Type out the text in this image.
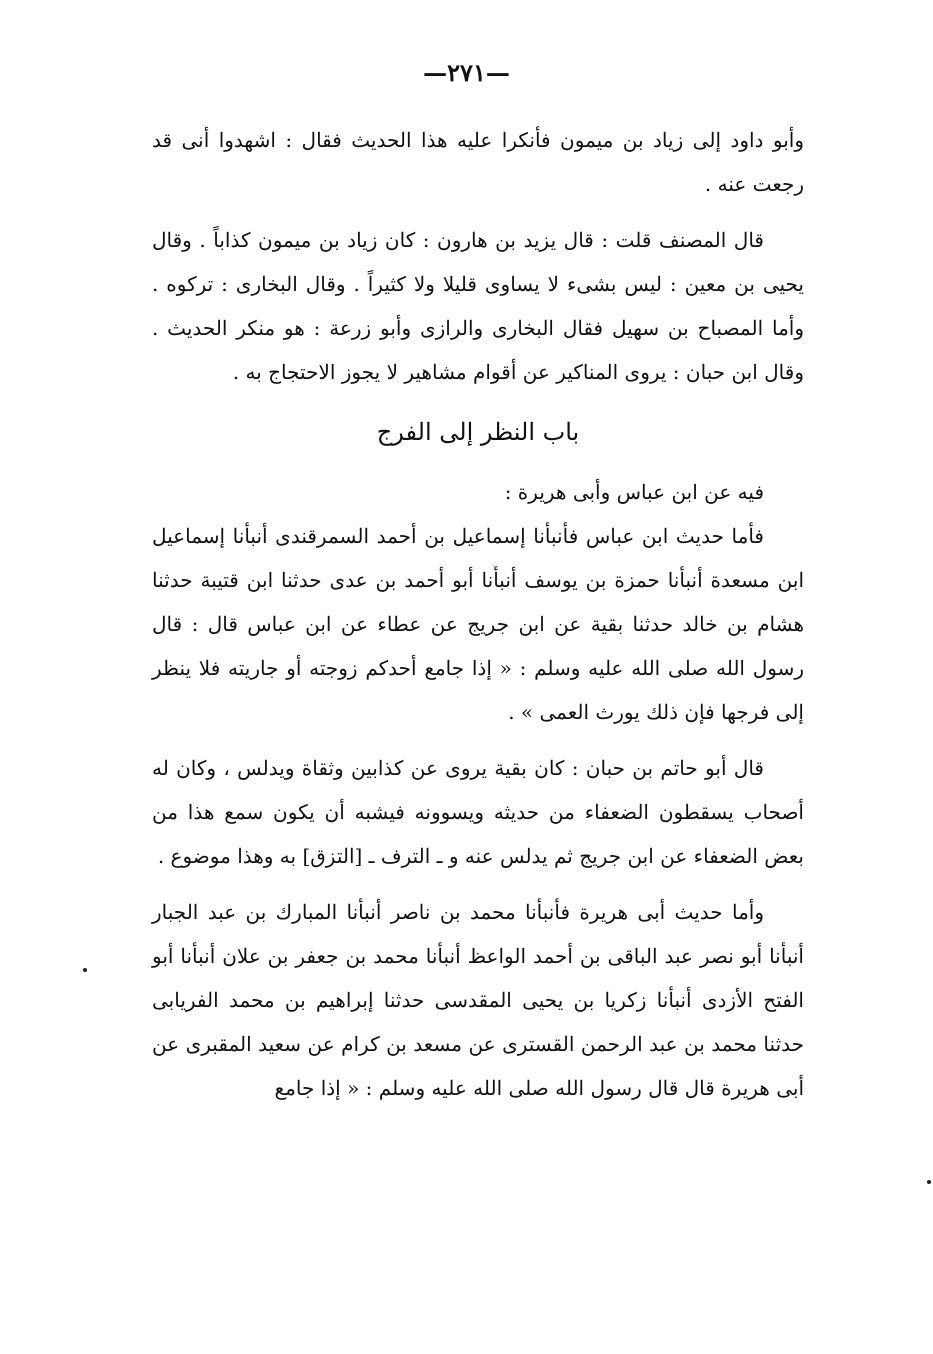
—٢٧١—

وأبو داود إلى زياد بن ميمون فأنكرا عليه هذا الحديث فقال : اشهدوا أنى قد رجعت عنه .

قال المصنف قلت : قال يزيد بن هارون : كان زياد بن ميمون كذاباً . وقال يحيى بن معين : ليس بشىء لا يساوى قليلا ولا كثيراً . وقال البخارى : تركوه . وأما المصباح بن سهيل فقال البخارى والرازى وأبو زرعة : هو منكر الحديث . وقال ابن حبان : يروى المناكير عن أقوام مشاهير لا يجوز الاحتجاج به .

باب النظر إلى الفرج

فيه عن ابن عباس وأبى هريرة :

فأما حديث ابن عباس فأنبأنا إسماعيل بن أحمد السمرقندى أنبأنا إسماعيل ابن مسعدة أنبأنا حمزة بن يوسف أنبأنا أبو أحمد بن عدى حدثنا ابن قتيبة حدثنا هشام بن خالد حدثنا بقية عن ابن جريج عن عطاء عن ابن عباس قال : قال رسول الله صلى الله عليه وسلم : « إذا جامع أحدكم زوجته أو جاريته فلا ينظر إلى فرجها فإن ذلك يورث العمى » .

قال أبو حاتم بن حبان : كان بقية يروى عن كذابين وثقاة ويدلس ، وكان له أصحاب يسقطون الضعفاء من حديثه ويسوونه فيشبه أن يكون سمع هذا من بعض الضعفاء عن ابن جريج ثم يدلس عنه و ـ الترف ـ [التزق] به وهذا موضوع .

وأما حديث أبى هريرة فأنبأنا محمد بن ناصر أنبأنا المبارك بن عبد الجبار أنبأنا أبو نصر عبد الباقى بن أحمد الواعظ أنبأنا محمد بن جعفر بن علان أنبأنا أبو الفتح الأزدى أنبأنا زكريا بن يحيى المقدسى حدثنا إبراهيم بن محمد الفريابى حدثنا محمد بن عبد الرحمن القسترى عن مسعد بن كرام عن سعيد المقبرى عن أبى هريرة قال قال رسول الله صلى الله عليه وسلم : « إذا جامع
